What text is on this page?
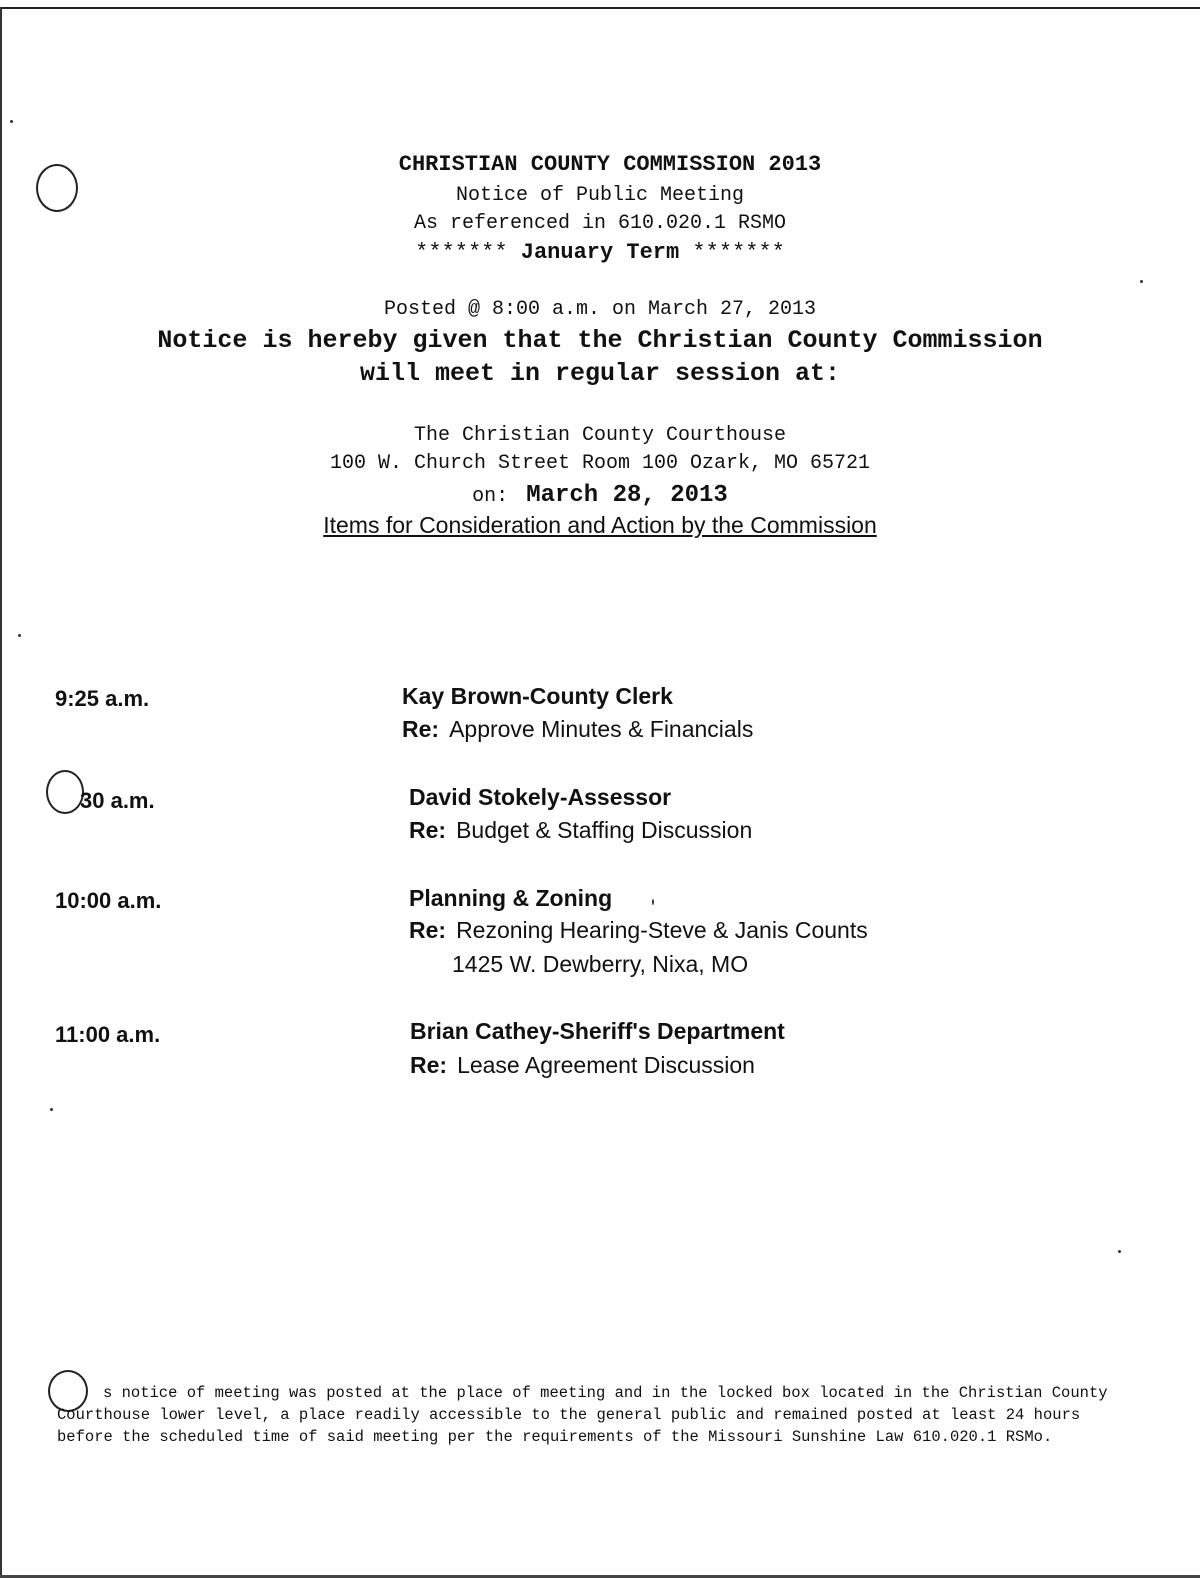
CHRISTIAN COUNTY COMMISSION 2013
Notice of Public Meeting
As referenced in 610.020.1 RSMO
******* January Term *******
Posted @ 8:00 a.m. on March 27, 2013
Notice is hereby given that the Christian County Commission
will meet in regular session at:
The Christian County Courthouse
100 W. Church Street Room 100 Ozark, MO 65721
on: March 28, 2013
Items for Consideration and Action by the Commission
9:25 a.m.	Kay Brown-County Clerk
Re: Approve Minutes & Financials
30 a.m.	David Stokely-Assessor
Re: Budget & Staffing Discussion
10:00 a.m.	Planning & Zoning
Re: Rezoning Hearing-Steve & Janis Counts
1425 W. Dewberry, Nixa, MO
11:00 a.m.	Brian Cathey-Sheriff's Department
Re: Lease Agreement Discussion
s notice of meeting was posted at the place of meeting and in the locked box located in the Christian County
Courthouse lower level, a place readily accessible to the general public and remained posted at least 24 hours
before the scheduled time of said meeting per the requirements of the Missouri Sunshine Law 610.020.1 RSMo.
